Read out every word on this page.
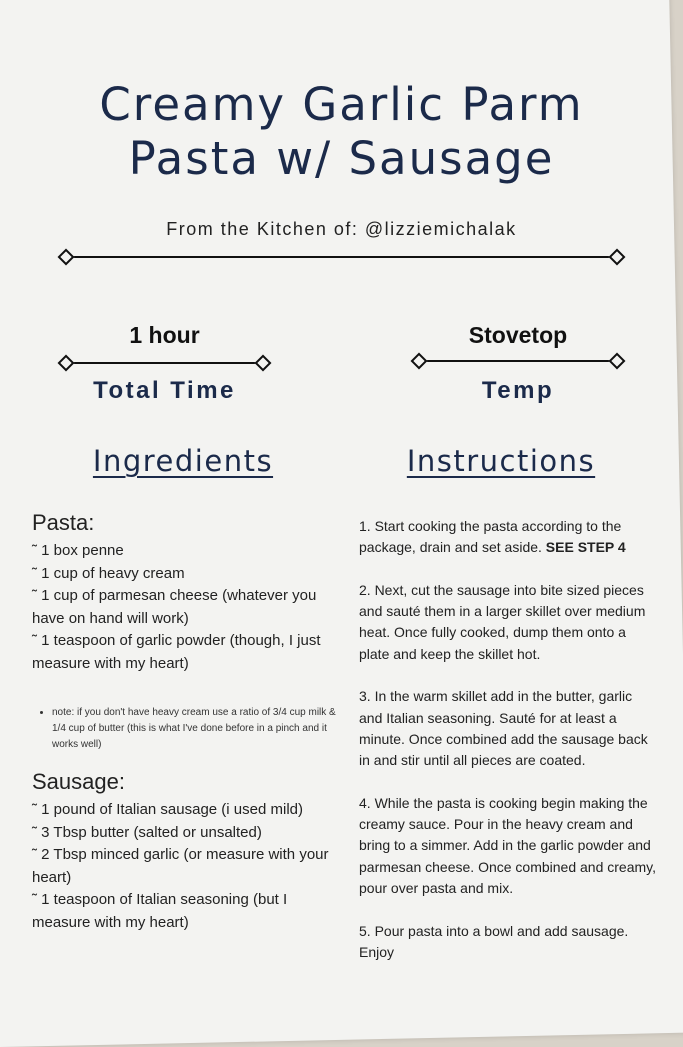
Creamy Garlic Parm
Pasta w/ Sausage
From the Kitchen of: @lizziemichalak
1 hour
Total Time
Stovetop
Temp
Ingredients	Instructions
Pasta:

˜ 1 box penne

˜ 1 cup of heavy cream

˜ 1 cup of parmesan cheese (whatever you have on hand will work)

˜ 1 teaspoon of garlic powder (though, I just measure with my heart)

• note: if you don't have heavy cream use a ratio of 3/4 cup milk & 1/4 cup of butter (this is what I've done before in a pinch and it works well)
Sausage:

˜ 1 pound of Italian sausage (i used mild)

˜ 3 Tbsp butter (salted or unsalted)

˜ 2 Tbsp minced garlic (or measure with your heart)

˜ 1 teaspoon of Italian seasoning (but I measure with my heart)

1. Start cooking the pasta according to the package, drain and set aside. SEE STEP 4

2. Next, cut the sausage into bite sized pieces and sauté them in a larger skillet over medium heat. Once fully cooked, dump them onto a plate and keep the skillet hot.

3. In the warm skillet add in the butter, garlic and Italian seasoning. Sauté for at least a minute. Once combined add the sausage back in and stir until all pieces are coated.

4. While the pasta is cooking begin making the creamy sauce. Pour in the heavy cream and bring to a simmer. Add in the garlic powder and parmesan cheese. Once combined and creamy, pour over pasta and mix.

5. Pour pasta into a bowl and add sausage. Enjoy
